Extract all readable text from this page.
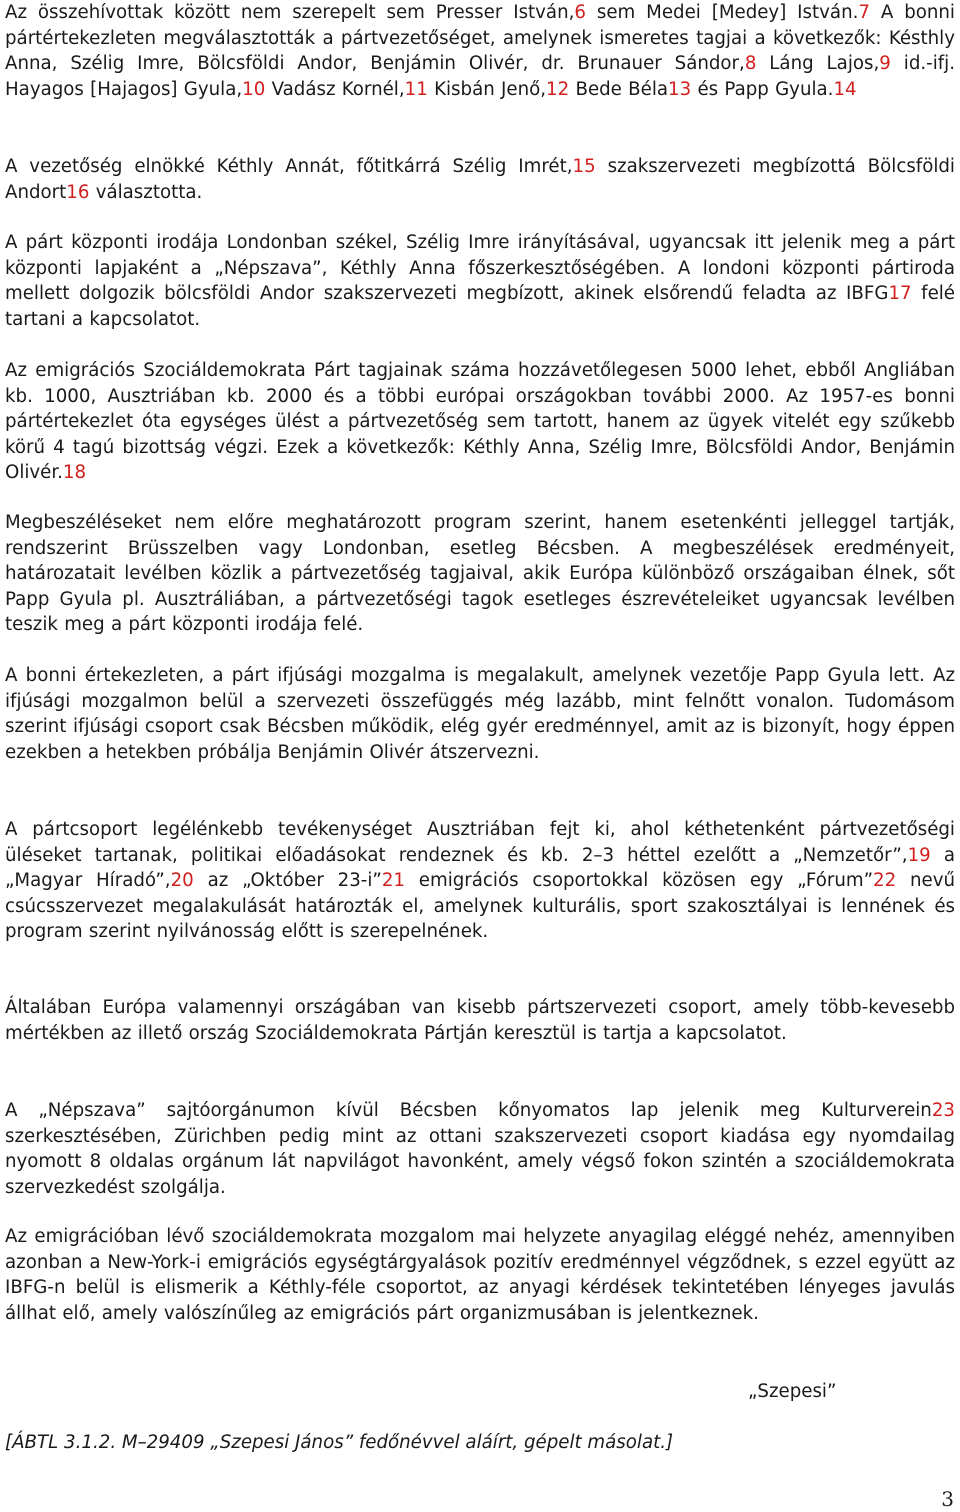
Az összehívottak között nem szerepelt sem Presser István,6 sem Medei [Medey] István.7 A bonni pártértekezleten megválasztották a pártvezetőséget, amelynek ismeretes tagjai a következők: Késthly Anna, Szélig Imre, Bölcsföldi Andor, Benjámin Olivér, dr. Brunauer Sándor,8 Láng Lajos,9 id.-ifj. Hayagos [Hajagos] Gyula,10 Vadász Kornél,11 Kisbán Jenő,12 Bede Béla13 és Papp Gyula.14

A vezetőség elnökké Kéthly Annát, főtitkárrá Szélig Imrét,15 szakszervezeti megbízottá Bölcsföldi Andort16 választotta.

A párt központi irodája Londonban székel, Szélig Imre irányításával, ugyancsak itt jelenik meg a párt központi lapjaként a „Népszava”, Kéthly Anna főszerkesztőségében. A londoni központi pártiroda mellett dolgozik bölcsföldi Andor szakszervezeti megbízott, akinek elsőrendű feladta az IBFG17 felé tartani a kapcsolatot.

Az emigrációs Szociáldemokrata Párt tagjainak száma hozzávetőlegesen 5000 lehet, ebből Angliában kb. 1000, Ausztriában kb. 2000 és a többi európai országokban további 2000. Az 1957-es bonni pártértekezlet óta egységes ülést a pártvezetőség sem tartott, hanem az ügyek vitelét egy szűkebb körű 4 tagú bizottság végzi. Ezek a következők: Kéthly Anna, Szélig Imre, Bölcsföldi Andor, Benjámin Olivér.18

Megbeszéléseket nem előre meghatározott program szerint, hanem esetenkénti jelleggel tartják, rendszerint Brüsszelben vagy Londonban, esetleg Bécsben. A megbeszélések eredményeit, határozatait levélben közlik a pártvezetőség tagjaival, akik Európa különböző országaiban élnek, sőt Papp Gyula pl. Ausztráliában, a pártvezetőségi tagok esetleges észrevételeiket ugyancsak levélben teszik meg a párt központi irodája felé.

A bonni értekezleten, a párt ifjúsági mozgalma is megalakult, amelynek vezetője Papp Gyula lett. Az ifjúsági mozgalmon belül a szervezeti összefüggés még lazább, mint felnőtt vonalon. Tudomásom szerint ifjúsági csoport csak Bécsben működik, elég gyér eredménnyel, amit az is bizonyít, hogy éppen ezekben a hetekben próbálja Benjámin Olivér átszervezni.

A pártcsoport legélénkebb tevékenységet Ausztriában fejt ki, ahol kéthetenként pártvezetőségi üléseket tartanak, politikai előadásokat rendeznek és kb. 2–3 héttel ezelőtt a „Nemzetőr”,19 a „Magyar Híradó”,20 az „Október 23-i”21 emigrációs csoportokkal közösen egy „Fórum”22 nevű csúcsszervezet megalakulását határozták el, amelynek kulturális, sport szakosztályai is lennének és program szerint nyilvánosság előtt is szerepelnének.

Általában Európa valamennyi országában van kisebb pártszervezeti csoport, amely több-kevesebb mértékben az illető ország Szociáldemokrata Pártján keresztül is tartja a kapcsolatot.

A „Népszava” sajtóorgánumon kívül Bécsben kőnyomatos lap jelenik meg Kulturverein23 szerkesztésében, Zürichben pedig mint az ottani szakszervezeti csoport kiadása egy nyomdailag nyomott 8 oldalas orgánum lát napvilágot havonként, amely végső fokon szintén a szociáldemokrata szervezkedést szolgálja.

Az emigrációban lévő szociáldemokrata mozgalom mai helyzete anyagilag eléggé nehéz, amennyiben azonban a New-York-i emigrációs egységtárgyalások pozitív eredménnyel végződnek, s ezzel együtt az IBFG-n belül is elismerik a Kéthly-féle csoportot, az anyagi kérdések tekintetében lényeges javulás állhat elő, amely valószínűleg az emigrációs párt organizmusában is jelentkeznek.

„Szepesi”
[ÁBTL 3.1.2. M–29409 „Szepesi János” fedőnévvel aláírt, gépelt másolat.]
3
